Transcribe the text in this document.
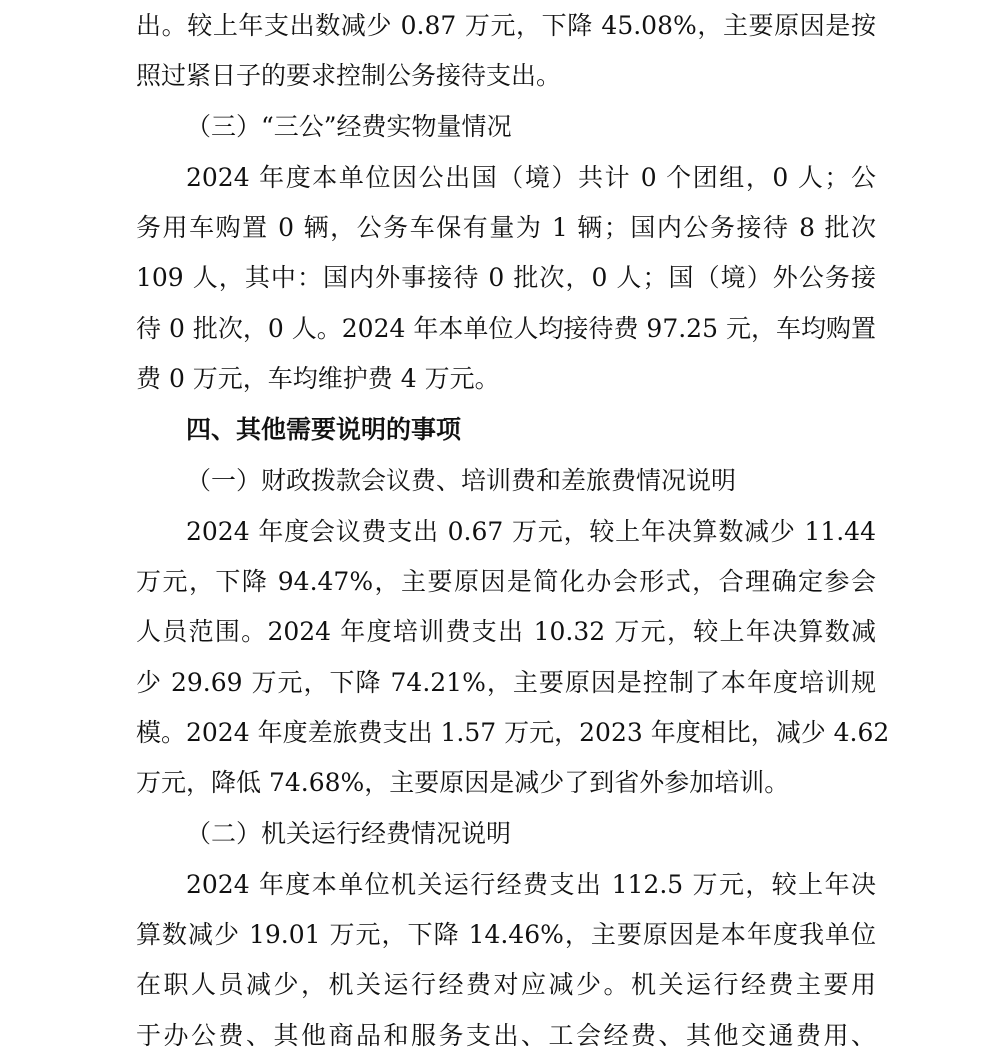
出。较上年支出数减少 0.87 万元，下降 45.08%，主要原因是按
照过紧日子的要求控制公务接待支出。
（三）“三公”经费实物量情况
2024 年度本单位因公出国（境）共计 0 个团组，0 人；公
务用车购置 0 辆，公务车保有量为 1 辆；国内公务接待 8 批次
109 人，其中：国内外事接待 0 批次，0 人；国（境）外公务接
待 0 批次，0 人。2024 年本单位人均接待费 97.25 元，车均购置
费 0 万元，车均维护费 4 万元。
四、其他需要说明的事项
（一）财政拨款会议费、培训费和差旅费情况说明
2024 年度会议费支出 0.67 万元，较上年决算数减少 11.44
万元，下降 94.47%，主要原因是简化办会形式，合理确定参会
人员范围。2024 年度培训费支出 10.32 万元，较上年决算数减
少 29.69 万元，下降 74.21%，主要原因是控制了本年度培训规
模。2024 年度差旅费支出 1.57 万元，2023 年度相比，减少 4.62
万元，降低 74.68%，主要原因是减少了到省外参加培训。
（二）机关运行经费情况说明
2024 年度本单位机关运行经费支出 112.5 万元，较上年决
算数减少 19.01 万元，下降 14.46%，主要原因是本年度我单位
在职人员减少，机关运行经费对应减少。机关运行经费主要用
于办公费、其他商品和服务支出、工会经费、其他交通费用、
